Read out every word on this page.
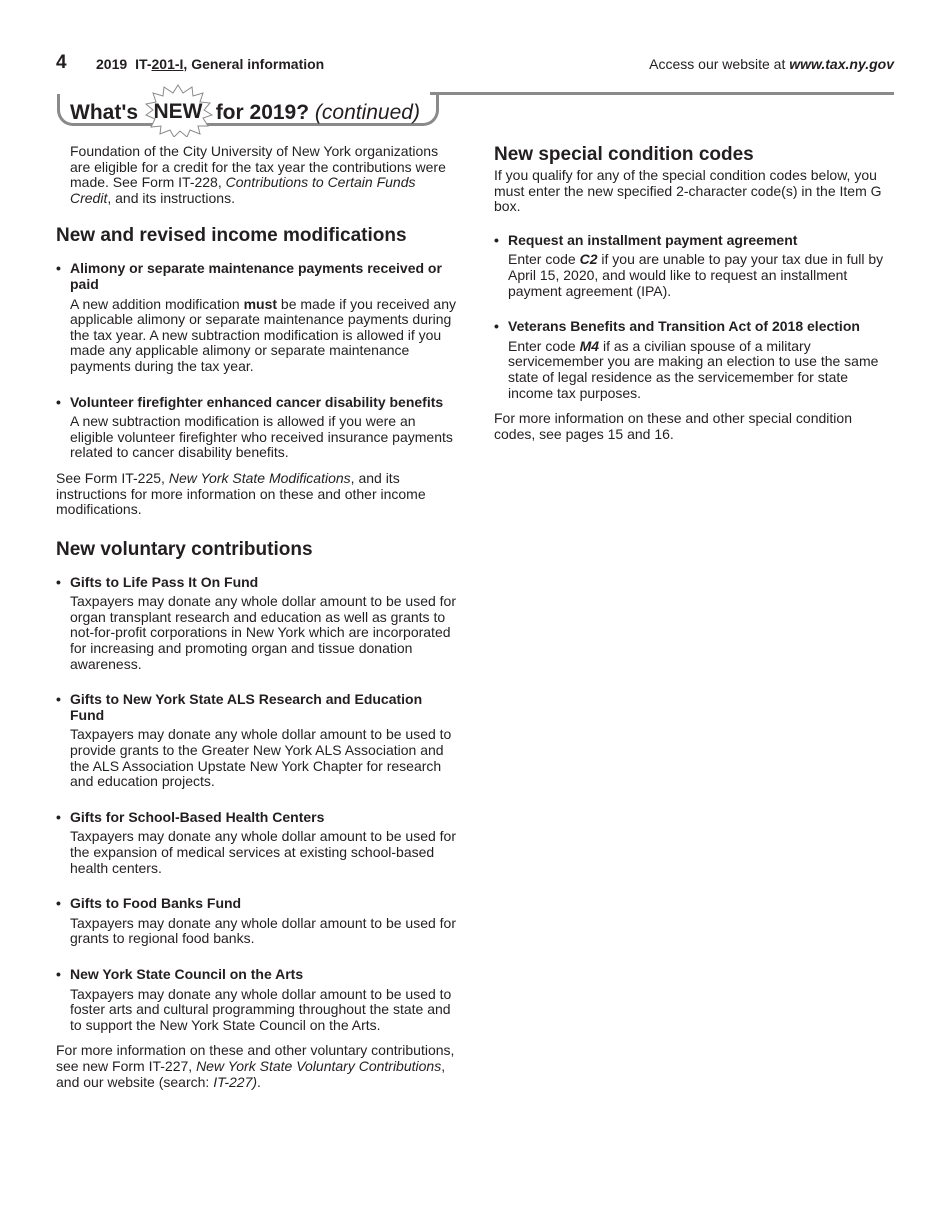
4 2019 IT-201-I, General information	Access our website at www.tax.ny.gov
What's NEW for 2019? (continued)

Foundation of the City University of New York organizations are eligible for a credit for the tax year the contributions were made. See Form IT-228, Contributions to Certain Funds Credit, and its instructions.

New and revised income modifications
• Alimony or separate maintenance payments received or paid
A new addition modification must be made if you received any applicable alimony or separate maintenance payments during the tax year. A new subtraction modification is allowed if you made any applicable alimony or separate maintenance payments during the tax year.
• Volunteer firefighter enhanced cancer disability benefits
A new subtraction modification is allowed if you were an eligible volunteer firefighter who received insurance payments related to cancer disability benefits.

See Form IT-225, New York State Modifications, and its instructions for more information on these and other income modifications.

New voluntary contributions
• Gifts to Life Pass It On Fund
Taxpayers may donate any whole dollar amount to be used for organ transplant research and education as well as grants to not-for-profit corporations in New York which are incorporated for increasing and promoting organ and tissue donation awareness.
• Gifts to New York State ALS Research and Education Fund
Taxpayers may donate any whole dollar amount to be used to provide grants to the Greater New York ALS Association and the ALS Association Upstate New York Chapter for research and education projects.
• Gifts for School-Based Health Centers
Taxpayers may donate any whole dollar amount to be used for the expansion of medical services at existing school-based health centers.
• Gifts to Food Banks Fund
Taxpayers may donate any whole dollar amount to be used for grants to regional food banks.
• New York State Council on the Arts
Taxpayers may donate any whole dollar amount to be used to foster arts and cultural programming throughout the state and to support the New York State Council on the Arts.

For more information on these and other voluntary contributions, see new Form IT-227, New York State Voluntary Contributions, and our website (search: IT-227).

New special condition codes

If you qualify for any of the special condition codes below, you must enter the new specified 2-character code(s) in the Item G box.

• Request an installment payment agreement
Enter code C2 if you are unable to pay your tax due in full by April 15, 2020, and would like to request an installment payment agreement (IPA).
• Veterans Benefits and Transition Act of 2018 election
Enter code M4 if as a civilian spouse of a military servicemember you are making an election to use the same state of legal residence as the servicemember for state income tax purposes.

For more information on these and other special condition codes, see pages 15 and 16.
